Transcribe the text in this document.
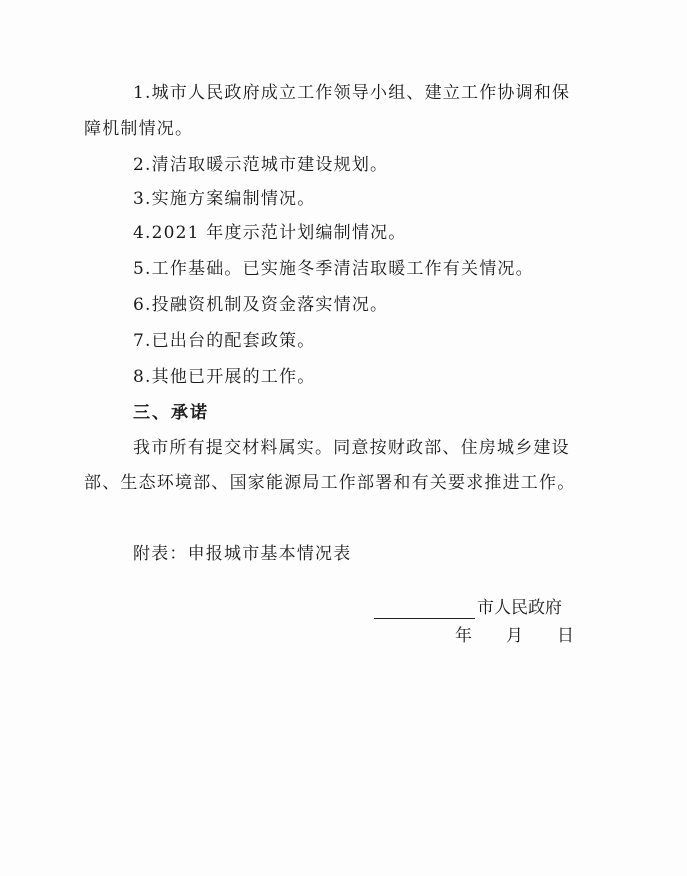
1.城市人民政府成立工作领导小组、建立工作协调和保
障机制情况。
2.清洁取暖示范城市建设规划。
3.实施方案编制情况。
4.2021 年度示范计划编制情况。
5.工作基础。已实施冬季清洁取暖工作有关情况。
6.投融资机制及资金落实情况。
7.已出台的配套政策。
8.其他已开展的工作。
三、承诺
我市所有提交材料属实。同意按财政部、住房城乡建设
部、生态环境部、国家能源局工作部署和有关要求推进工作。
附表：申报城市基本情况表
市人民政府
年 月 日
